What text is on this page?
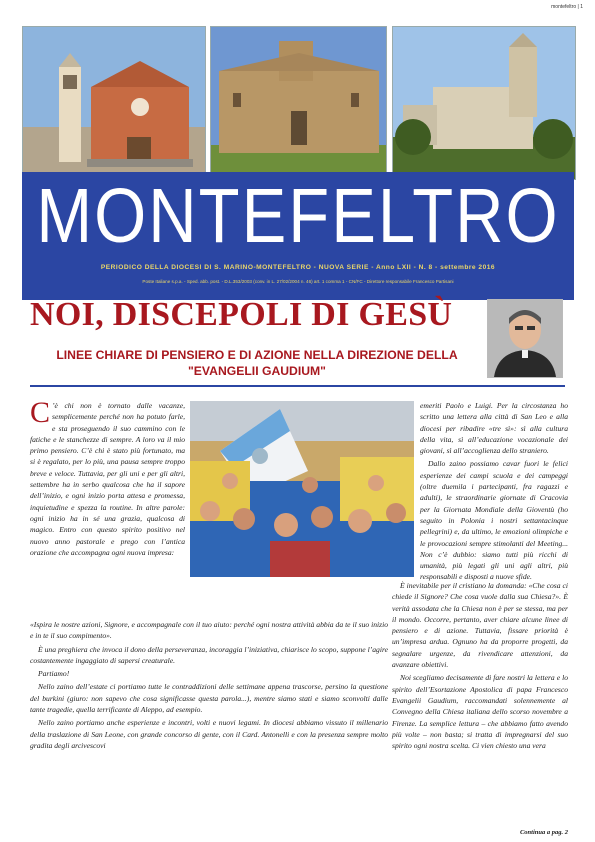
montefeltro | 1
MONTEFELTRO
PERIODICO DELLA DIOCESI DI S. MARINO-MONTEFELTRO - NUOVA SERIE - Anno LXII - N. 8 - settembre 2016
Poste Italiane s.p.a. - Sped. abb. post. - D.L.353/2003 (conv. in L. 27/02/2004 n. 46) art. 1 comma 1 - CN/FC - Direttore responsabile Francesco Partisani
NOI, DISCEPOLI DI GESÙ
LINEE CHIARE DI PENSIERO E DI AZIONE NELLA DIREZIONE DELLA "EVANGELII GAUDIUM"
C ’è chi non è tornato dalle vacanze, semplicemente perché non ha potuto farle, e sta proseguendo il suo cammino con le fatiche e le stanchezze di sempre. A loro va il mio primo pensiero. C’è chi è stato più fortunato, ma si è regalato, per lo più, una pausa sempre troppo breve e veloce. Tuttavia, per gli uni e per gli altri, settembre ha in serbo qualcosa che ha il sapore dell’inizio, e ogni inizio porta attesa e promessa, inquietudine e spezza la routine. In altre parole: ogni inizio ha in sé una grazia, qualcosa di magico. Entro con questo spirito positivo nel nuovo anno pastorale e prego con l’antica orazione che accompagna ogni nuova impresa:

emeriti Paolo e Luigi. Per la circostanza ho scritto una lettera alla città di San Leo e alla diocesi per ribadire «tre sì»: sì alla cultura della vita, sì all’educazione vocazionale dei giovani, sì all’accoglienza dello straniero.

Dallo zaino possiamo cavar fuori le felici esperienze dei campi scuola e dei campeggi (oltre duemila i partecipanti, fra ragazzi e adulti), le straordinarie giornate di Cracovia per la Giornata Mondiale della Gioventù (ho seguito in Polonia i nostri settantacinque pellegrini) e, da ultimo, le emozioni olimpiche e le provocazioni sempre stimolanti del Meeting... Non c’è dubbio: siamo tutti più ricchi di umanità, più legati gli uni agli altri, più responsabili e disposti a nuove sfide.

«Ispira le nostre azioni, Signore, e accompagnale con il tuo aiuto: perché ogni nostra attività abbia da te il suo inizio e in te il suo compimento».

È una preghiera che invoca il dono della perseveranza, incoraggia l’iniziativa, chiarisce lo scopo, suppone l’agire costantemente ingaggiato di sapersi creaturale.

Partiamo!

Nello zaino dell’estate ci portiamo tutte le contraddizioni delle settimane appena trascorse, persino la questione del burkini (giuro: non sapevo che cosa significasse questa parola...), mentre siamo stati e siamo sconvolti dalle tante tragedie, quella terrificante di Aleppo, ad esempio.

Nello zaino portiamo anche esperienze e incontri, volti e nuovi legami. In diocesi abbiamo vissuto il millenario della traslazione di San Leone, con grande concorso di gente, con il Card. Antonelli e con la presenza sempre molto gradita degli arcivescovi

È inevitabile per il cristiano la domanda: «Che cosa ci chiede il Signore? Che cosa vuole dalla sua Chiesa?». È verità assodata che la Chiesa non è per se stessa, ma per il mondo. Occorre, pertanto, aver chiare alcune linee di pensiero e di azione. Tuttavia, fissare priorità è un’impresa ardua. Ognuno ha da proporre progetti, da segnalare urgenze, da rivendicare attenzioni, da avanzare obiettivi.

Noi scegliamo decisamente di fare nostri la lettera e lo spirito dell’Esortazione Apostolica di papa Francesco Evangelii Gaudium, raccomandati solennemente al Convegno della Chiesa italiana dello scorso novembre a Firenze. La semplice lettura – che abbiamo fatto avendo più volte – non basta; si tratta di impregnarsi del suo spirito ogni nostra scelta. Ci vien chiesto una vera

Continua a pag. 2
